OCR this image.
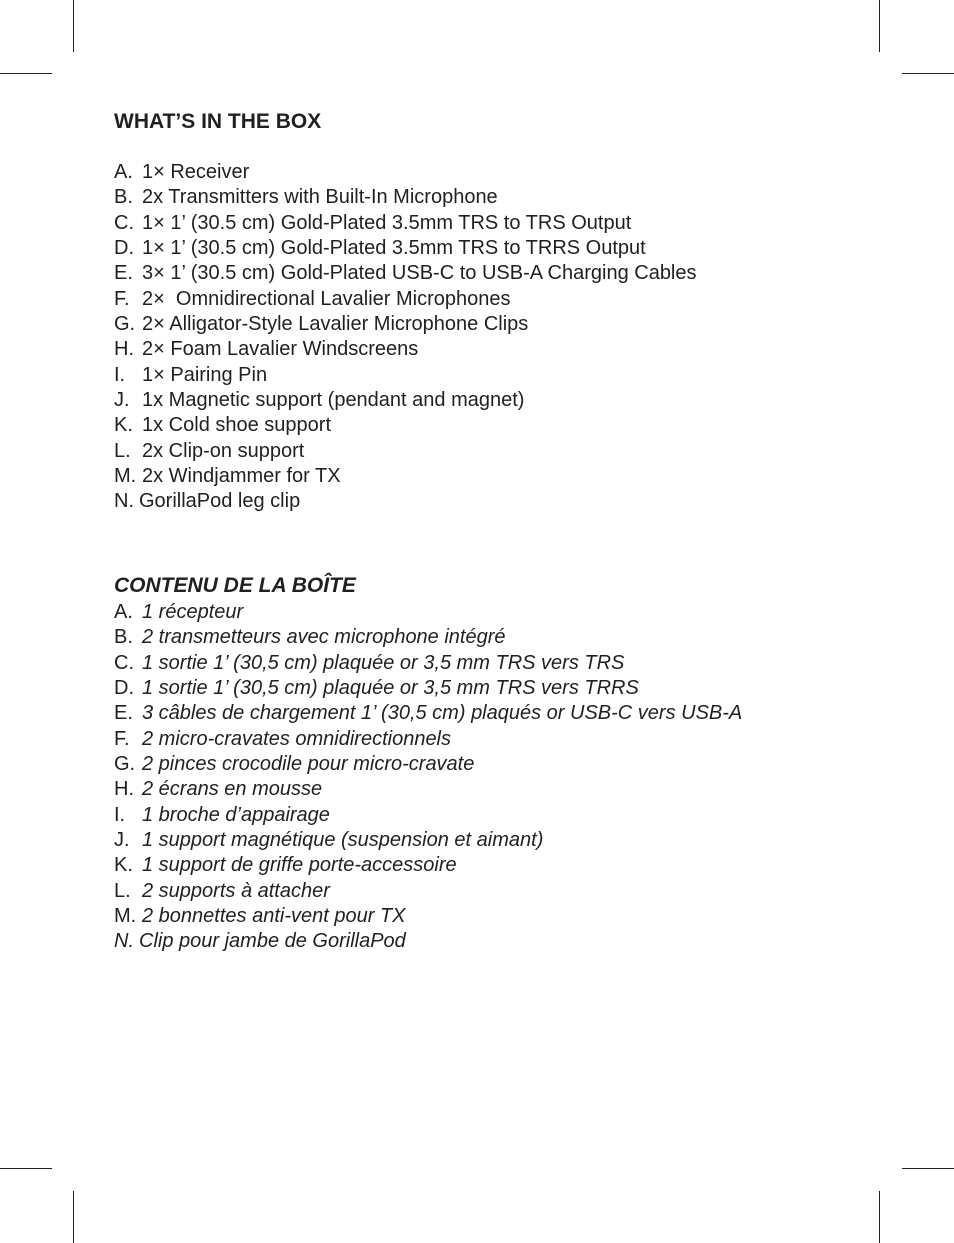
WHAT’S IN THE BOX
A. 1× Receiver
B. 2x Transmitters with Built-In Microphone
C. 1× 1’ (30.5 cm) Gold-Plated 3.5mm TRS to TRS Output
D. 1× 1’ (30.5 cm) Gold-Plated 3.5mm TRS to TRRS Output
E. 3× 1’ (30.5 cm) Gold-Plated USB-C to USB-A Charging Cables
F. 2×  Omnidirectional Lavalier Microphones
G. 2× Alligator-Style Lavalier Microphone Clips
H. 2× Foam Lavalier Windscreens
I. 1× Pairing Pin
J. 1x Magnetic support (pendant and magnet)
K. 1x Cold shoe support
L. 2x Clip-on support
M. 2x Windjammer for TX
N. GorillaPod leg clip
CONTENU DE LA BOÎTE
A. 1 récepteur
B. 2 transmetteurs avec microphone intégré
C. 1 sortie 1’ (30,5 cm) plaquée or 3,5 mm TRS vers TRS
D. 1 sortie 1’ (30,5 cm) plaquée or 3,5 mm TRS vers TRRS
E. 3 câbles de chargement 1’ (30,5 cm) plaqués or USB-C vers USB-A
F. 2 micro-cravates omnidirectionnels
G. 2 pinces crocodile pour micro-cravate
H. 2 écrans en mousse
I. 1 broche d’appairage
J. 1 support magnétique (suspension et aimant)
K. 1 support de griffe porte-accessoire
L. 2 supports à attacher
M. 2 bonnettes anti-vent pour TX
N. Clip pour jambe de GorillaPod
